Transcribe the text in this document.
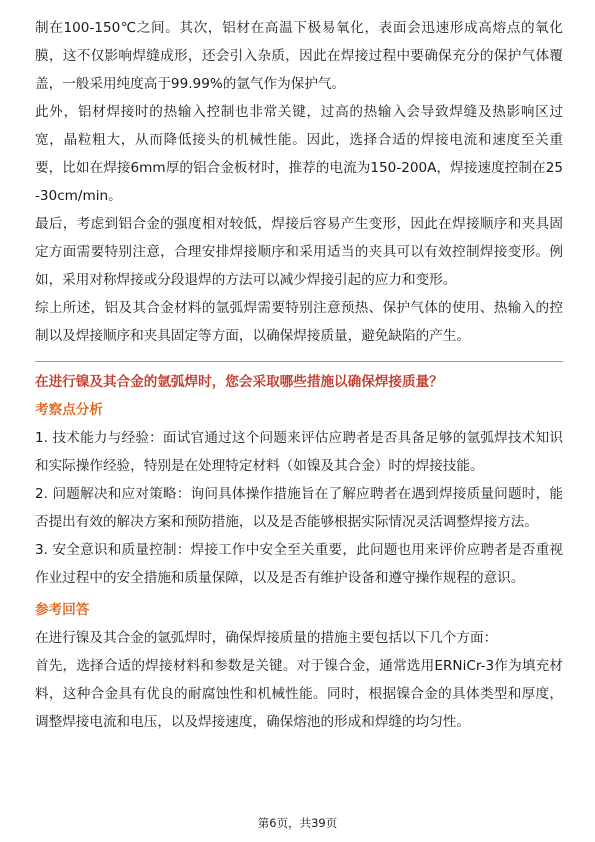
制在100-150℃之间。其次，铝材在高温下极易氧化，表面会迅速形成高熔点的氧化膜，这不仅影响焊缝成形，还会引入杂质，因此在焊接过程中要确保充分的保护气体覆盖，一般采用纯度高于99.99%的氩气作为保护气。

此外，铝材焊接时的热输入控制也非常关键，过高的热输入会导致焊缝及热影响区过宽，晶粒粗大，从而降低接头的机械性能。因此，选择合适的焊接电流和速度至关重要，比如在焊接6mm厚的铝合金板材时，推荐的电流为150-200A，焊接速度控制在25-30cm/min。

最后，考虑到铝合金的强度相对较低，焊接后容易产生变形，因此在焊接顺序和夹具固定方面需要特别注意，合理安排焊接顺序和采用适当的夹具可以有效控制焊接变形。例如，采用对称焊接或分段退焊的方法可以减少焊接引起的应力和变形。

综上所述，铝及其合金材料的氩弧焊需要特别注意预热、保护气体的使用、热输入的控制以及焊接顺序和夹具固定等方面，以确保焊接质量，避免缺陷的产生。

在进行镍及其合金的氩弧焊时，您会采取哪些措施以确保焊接质量？

考察点分析

1. 技术能力与经验：面试官通过这个问题来评估应聘者是否具备足够的氩弧焊技术知识和实际操作经验，特别是在处理特定材料（如镍及其合金）时的焊接技能。

2. 问题解决和应对策略：询问具体操作措施旨在了解应聘者在遇到焊接质量问题时，能否提出有效的解决方案和预防措施，以及是否能够根据实际情况灵活调整焊接方法。

3. 安全意识和质量控制：焊接工作中安全至关重要，此问题也用来评价应聘者是否重视作业过程中的安全措施和质量保障，以及是否有维护设备和遵守操作规程的意识。

参考回答

在进行镍及其合金的氩弧焊时，确保焊接质量的措施主要包括以下几个方面：

首先，选择合适的焊接材料和参数是关键。对于镍合金，通常选用ERNiCr-3作为填充材料，这种合金具有优良的耐腐蚀性和机械性能。同时，根据镍合金的具体类型和厚度，调整焊接电流和电压，以及焊接速度，确保熔池的形成和焊缝的均匀性。

第6页，共39页
